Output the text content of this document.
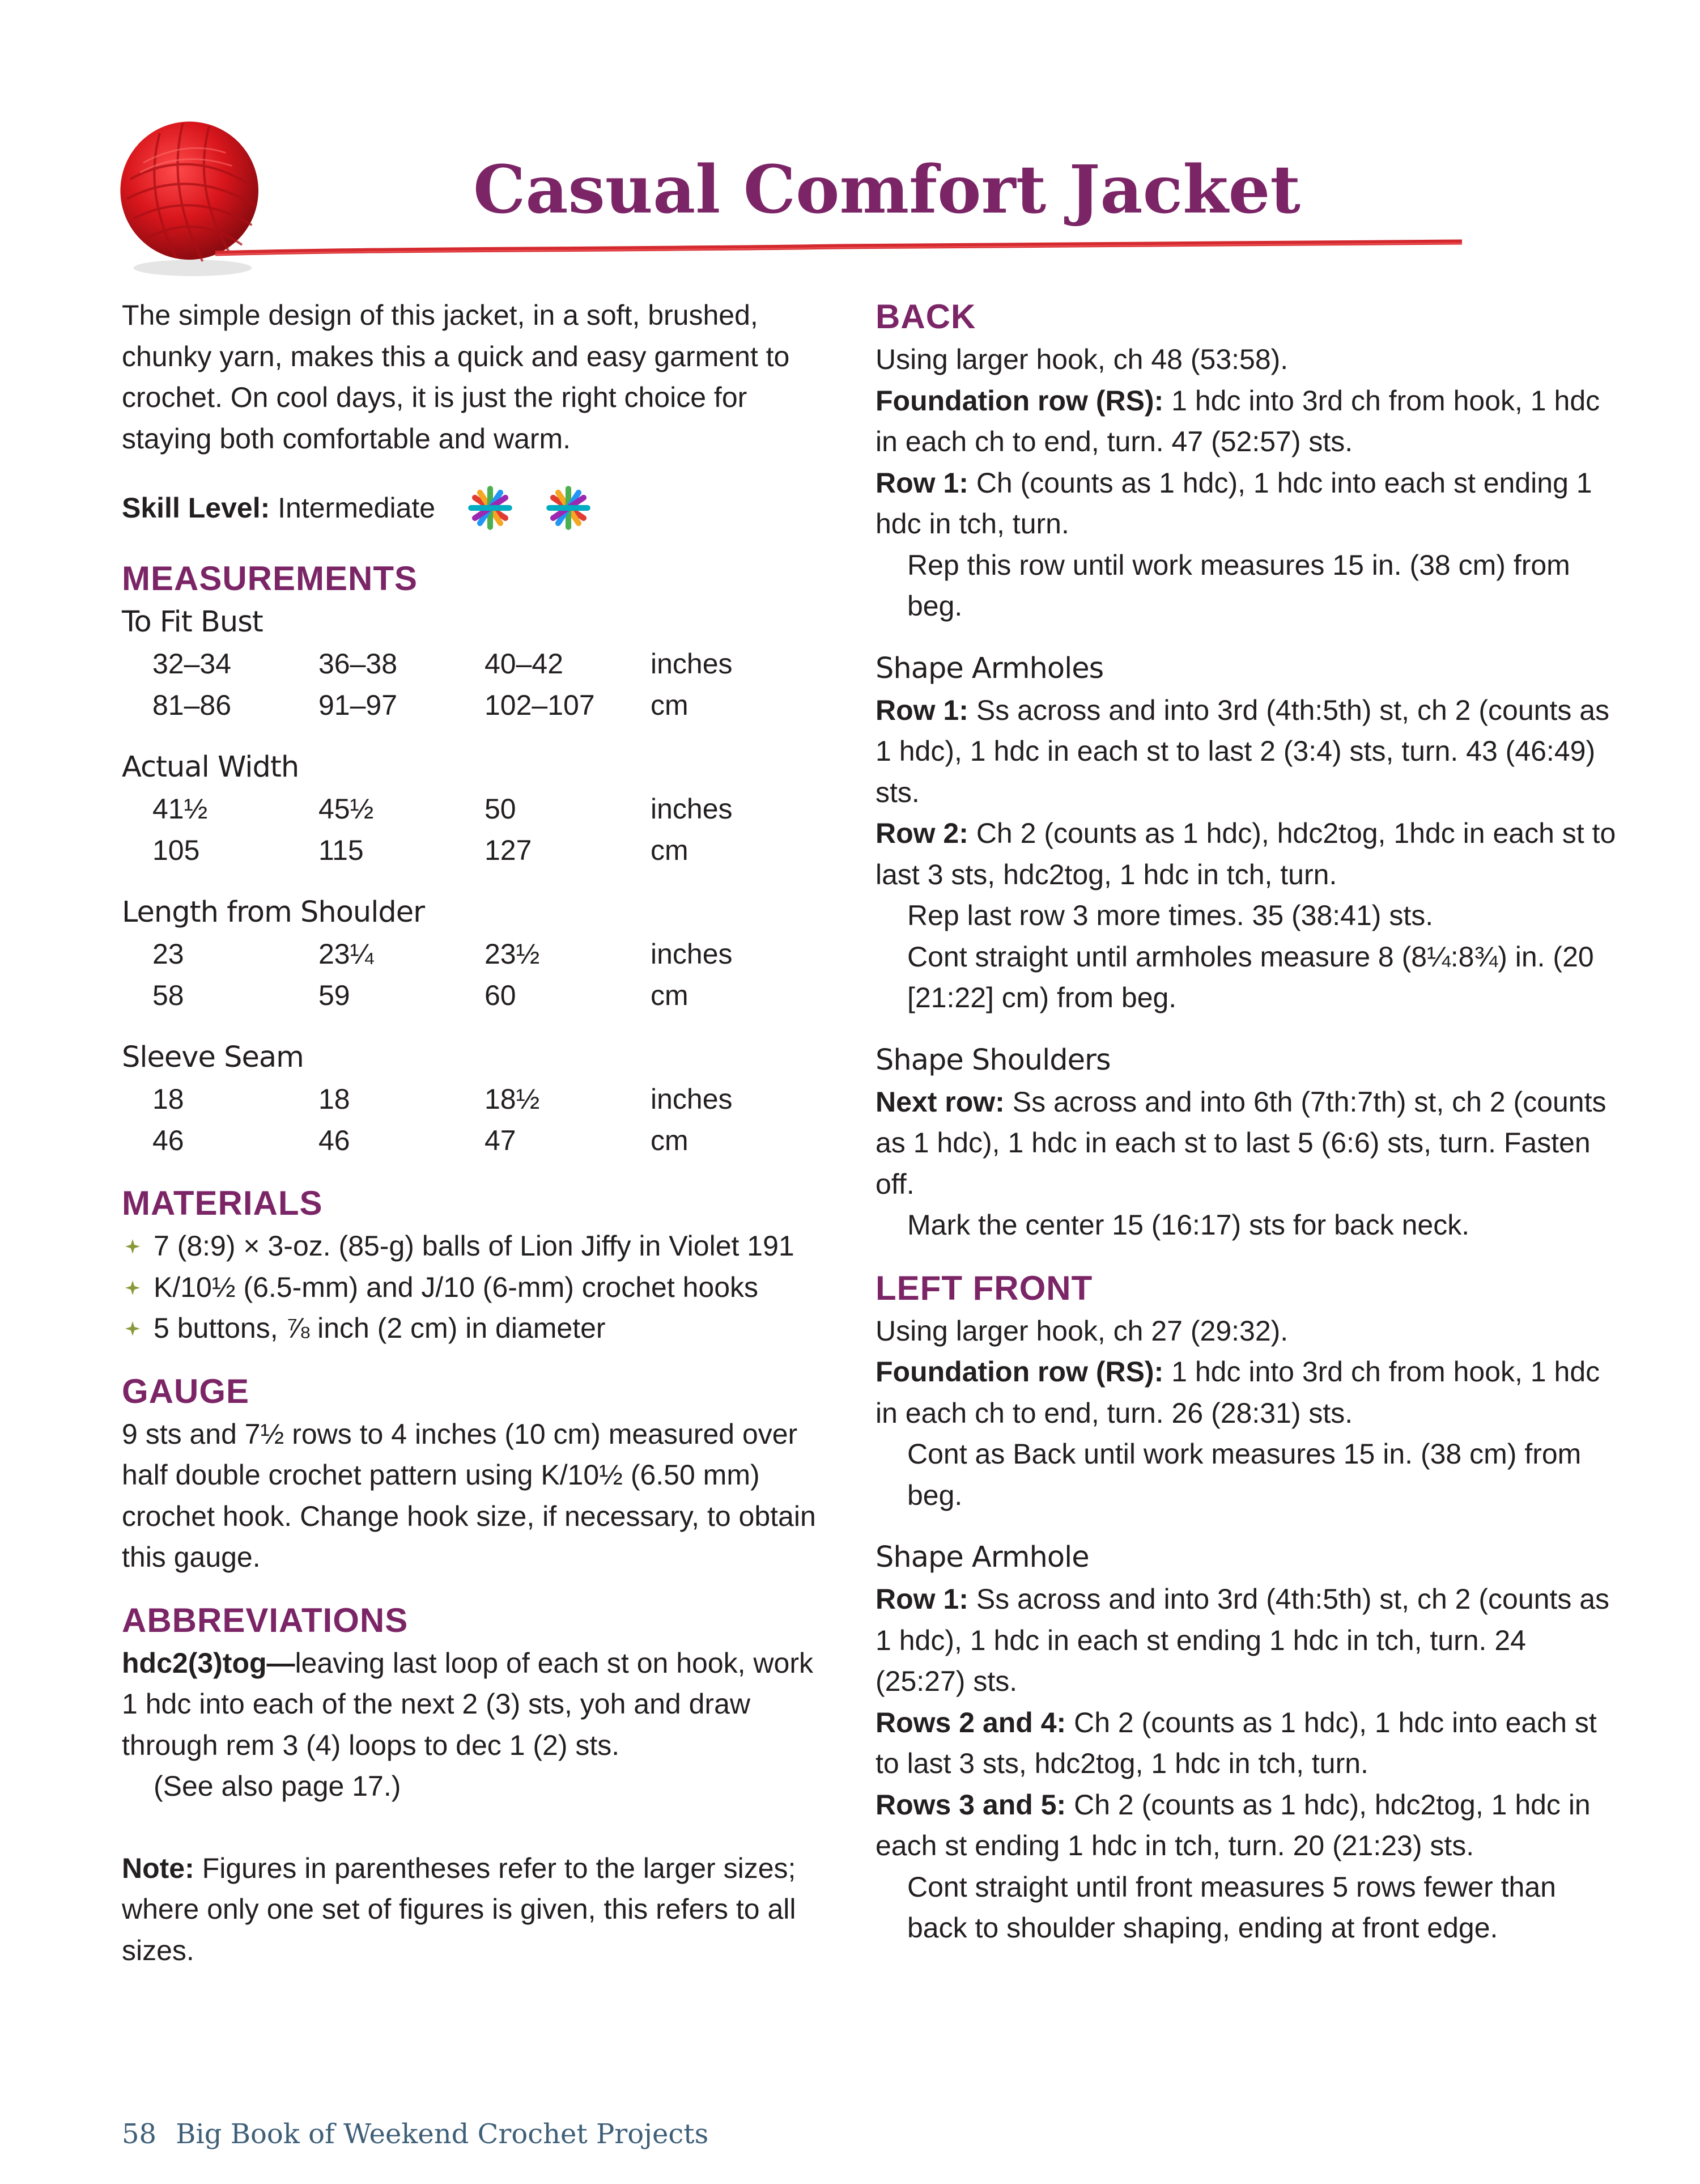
Casual Comfort Jacket

The simple design of this jacket, in a soft, brushed, chunky yarn, makes this a quick and easy garment to crochet. On cool days, it is just the right choice for staying both comfortable and warm.

Skill Level: Intermediate
MEASUREMENTS
To Fit Bust
32–34	36–38	40–42	inches
81–86	91–97	102–107	cm
Actual Width
41½	45½	50	inches
105	115	127	cm
Length from Shoulder
23	23¼	23½	inches
58	59	60	cm
Sleeve Seam
18	18	18½	inches
46	46	47	cm
MATERIALS
7 (8:9) × 3-oz. (85-g) balls of Lion Jiffy in Violet 191
K/10½ (6.5-mm) and J/10 (6-mm) crochet hooks
5 buttons, ⅞ inch (2 cm) in diameter
GAUGE

9 sts and 7½ rows to 4 inches (10 cm) measured over half double crochet pattern using K/10½ (6.50 mm) crochet hook. Change hook size, if necessary, to obtain this gauge.

ABBREVIATIONS

hdc2(3)tog—leaving last loop of each st on hook, work 1 hdc into each of the next 2 (3) sts, yoh and draw through rem 3 (4) loops to dec 1 (2) sts.

(See also page 17.)

Note: Figures in parentheses refer to the larger sizes; where only one set of figures is given, this refers to all sizes.

BACK

Using larger hook, ch 48 (53:58).

Foundation row (RS): 1 hdc into 3rd ch from hook, 1 hdc in each ch to end, turn. 47 (52:57) sts.

Row 1: Ch (counts as 1 hdc), 1 hdc into each st ending 1 hdc in tch, turn.

Rep this row until work measures 15 in. (38 cm) from beg.

Shape Armholes

Row 1: Ss across and into 3rd (4th:5th) st, ch 2 (counts as 1 hdc), 1 hdc in each st to last 2 (3:4) sts, turn. 43 (46:49) sts.

Row 2: Ch 2 (counts as 1 hdc), hdc2tog, 1hdc in each st to last 3 sts, hdc2tog, 1 hdc in tch, turn.

Rep last row 3 more times. 35 (38:41) sts.

Cont straight until armholes measure 8 (8¼:8¾) in. (20 [21:22] cm) from beg.

Shape Shoulders

Next row: Ss across and into 6th (7th:7th) st, ch 2 (counts as 1 hdc), 1 hdc in each st to last 5 (6:6) sts, turn. Fasten off.

Mark the center 15 (16:17) sts for back neck.

LEFT FRONT

Using larger hook, ch 27 (29:32).

Foundation row (RS): 1 hdc into 3rd ch from hook, 1 hdc in each ch to end, turn. 26 (28:31) sts.

Cont as Back until work measures 15 in. (38 cm) from beg.

Shape Armhole

Row 1: Ss across and into 3rd (4th:5th) st, ch 2 (counts as 1 hdc), 1 hdc in each st ending 1 hdc in tch, turn. 24 (25:27) sts.

Rows 2 and 4: Ch 2 (counts as 1 hdc), 1 hdc into each st to last 3 sts, hdc2tog, 1 hdc in tch, turn.

Rows 3 and 5: Ch 2 (counts as 1 hdc), hdc2tog, 1 hdc in each st ending 1 hdc in tch, turn. 20 (21:23) sts.

Cont straight until front measures 5 rows fewer than back to shoulder shaping, ending at front edge.

58 Big Book of Weekend Crochet Projects
